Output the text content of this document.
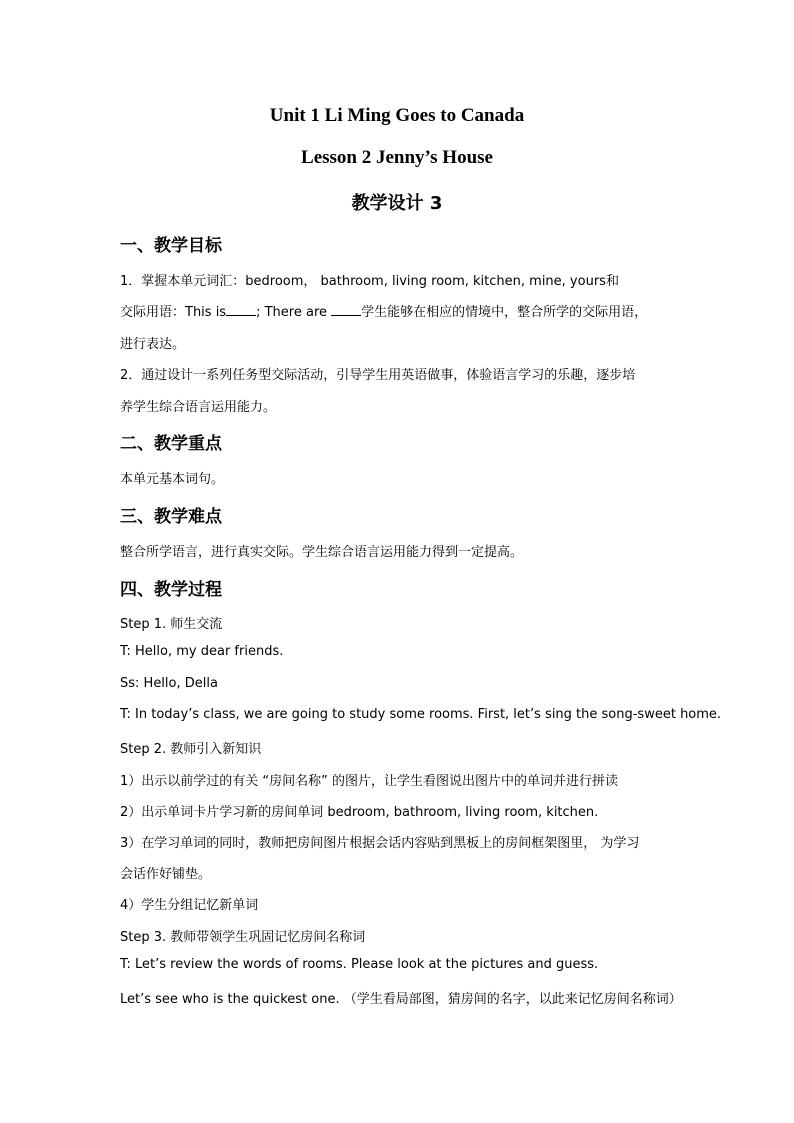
Unit 1 Li Ming Goes to Canada
Lesson 2 Jenny’s House
教学设计 3
一、教学目标
1．掌握本单元词汇：bedroom， bathroom, living room, kitchen, mine, yours和
交际用语：This is ; There are 学生能够在相应的情境中，整合所学的交际用语，
进行表达。
2．通过设计一系列任务型交际活动，引导学生用英语做事，体验语言学习的乐趣，逐步培
养学生综合语言运用能力。
二、教学重点
本单元基本词句。
三、教学难点
整合所学语言，进行真实交际。学生综合语言运用能力得到一定提高。
四、教学过程
Step 1. 师生交流
T: Hello, my dear friends.
Ss: Hello, Della
T: In today’s class, we are going to study some rooms. First, let’s sing the song-sweet home.
Step 2. 教师引入新知识
1）出示以前学过的有关 “房间名称” 的图片，让学生看图说出图片中的单词并进行拼读
2）出示单词卡片学习新的房间单词 bedroom, bathroom, living room, kitchen.
3）在学习单词的同时，教师把房间图片根据会话内容贴到黑板上的房间框架图里， 为学习
会话作好铺垫。
4）学生分组记忆新单词
Step 3. 教师带领学生巩固记忆房间名称词
T: Let’s review the words of rooms. Please look at the pictures and guess.
Let’s see who is the quickest one. （学生看局部图，猜房间的名字，以此来记忆房间名称词）
